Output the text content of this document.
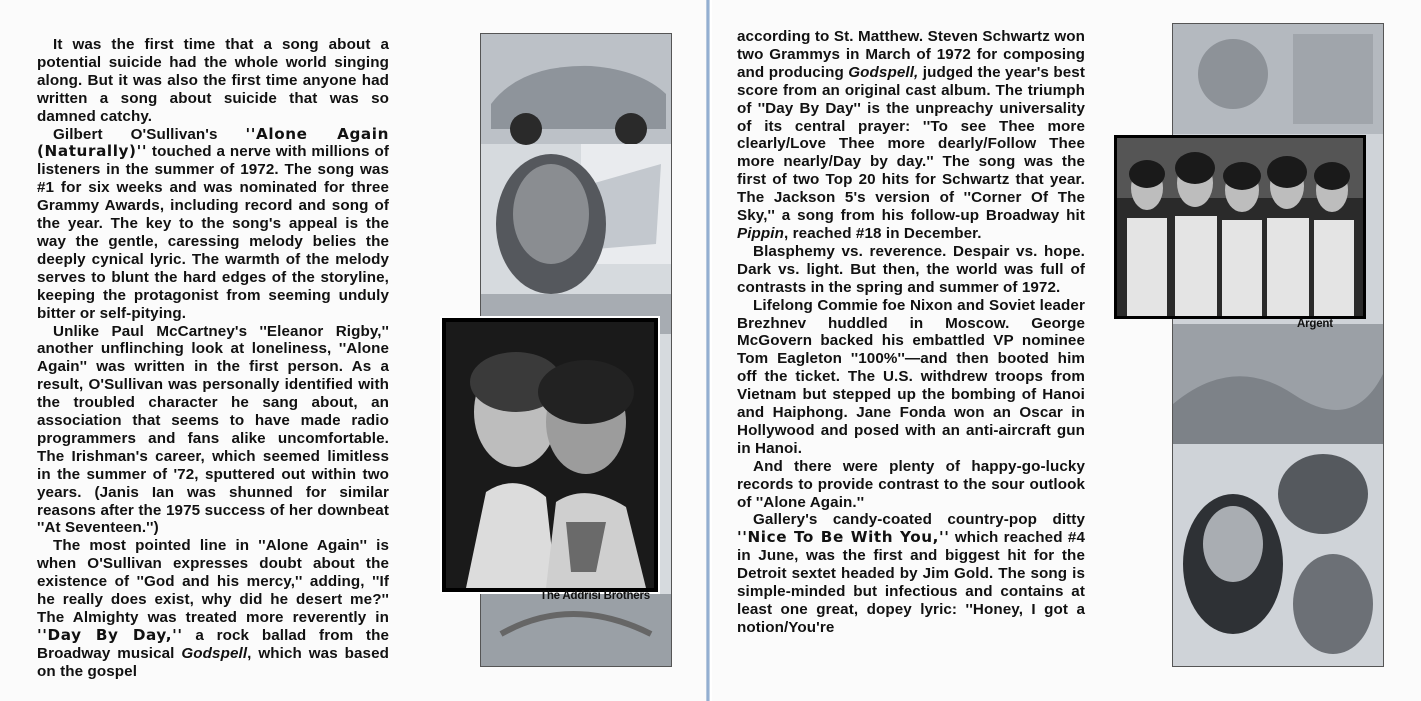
It was the first time that a song about a potential suicide had the whole world singing along. But it was also the first time anyone had written a song about suicide that was so damned catchy.

Gilbert O'Sullivan's ''Alone Again (Naturally)'' touched a nerve with millions of listeners in the summer of 1972. The song was #1 for six weeks and was nominated for three Grammy Awards, including record and song of the year. The key to the song's appeal is the way the gentle, caressing melody belies the deeply cynical lyric. The warmth of the melody serves to blunt the hard edges of the storyline, keeping the protagonist from seeming unduly bitter or self-pitying.

Unlike Paul McCartney's ''Eleanor Rigby,'' another unflinching look at loneliness, ''Alone Again'' was written in the first person. As a result, O'Sullivan was personally identified with the troubled character he sang about, an association that seems to have made radio programmers and fans alike uncomfortable. The Irishman's career, which seemed limitless in the summer of '72, sputtered out within two years. (Janis Ian was shunned for similar reasons after the 1975 success of her downbeat ''At Seventeen.'')

The most pointed line in ''Alone Again'' is when O'Sullivan expresses doubt about the existence of ''God and his mercy,'' adding, ''If he really does exist, why did he desert me?'' The Almighty was treated more reverently in ''Day By Day,'' a rock ballad from the Broadway musical Godspell, which was based on the gospel

The Addrisi Brothers

according to St. Matthew. Steven Schwartz won two Grammys in March of 1972 for composing and producing Godspell, judged the year's best score from an original cast album. The triumph of ''Day By Day'' is the unpreachy universality of its central prayer: ''To see Thee more clearly/Love Thee more dearly/Follow Thee more nearly/Day by day.'' The song was the first of two Top 20 hits for Schwartz that year. The Jackson 5's version of ''Corner Of The Sky,'' a song from his follow-up Broadway hit Pippin, reached #18 in December.

Blasphemy vs. reverence. Despair vs. hope. Dark vs. light. But then, the world was full of contrasts in the spring and summer of 1972.

Lifelong Commie foe Nixon and Soviet leader Brezhnev huddled in Moscow. George McGovern backed his embattled VP nominee Tom Eagleton ''100%''—and then booted him off the ticket. The U.S. withdrew troops from Vietnam but stepped up the bombing of Hanoi and Haiphong. Jane Fonda won an Oscar in Hollywood and posed with an anti-aircraft gun in Hanoi.

And there were plenty of happy-go-lucky records to provide contrast to the sour outlook of ''Alone Again.''

Gallery's candy-coated country-pop ditty ''Nice To Be With You,'' which reached #4 in June, was the first and biggest hit for the Detroit sextet headed by Jim Gold. The song is simple-minded but infectious and contains at least one great, dopey lyric: ''Honey, I got a notion/You're

Argent
